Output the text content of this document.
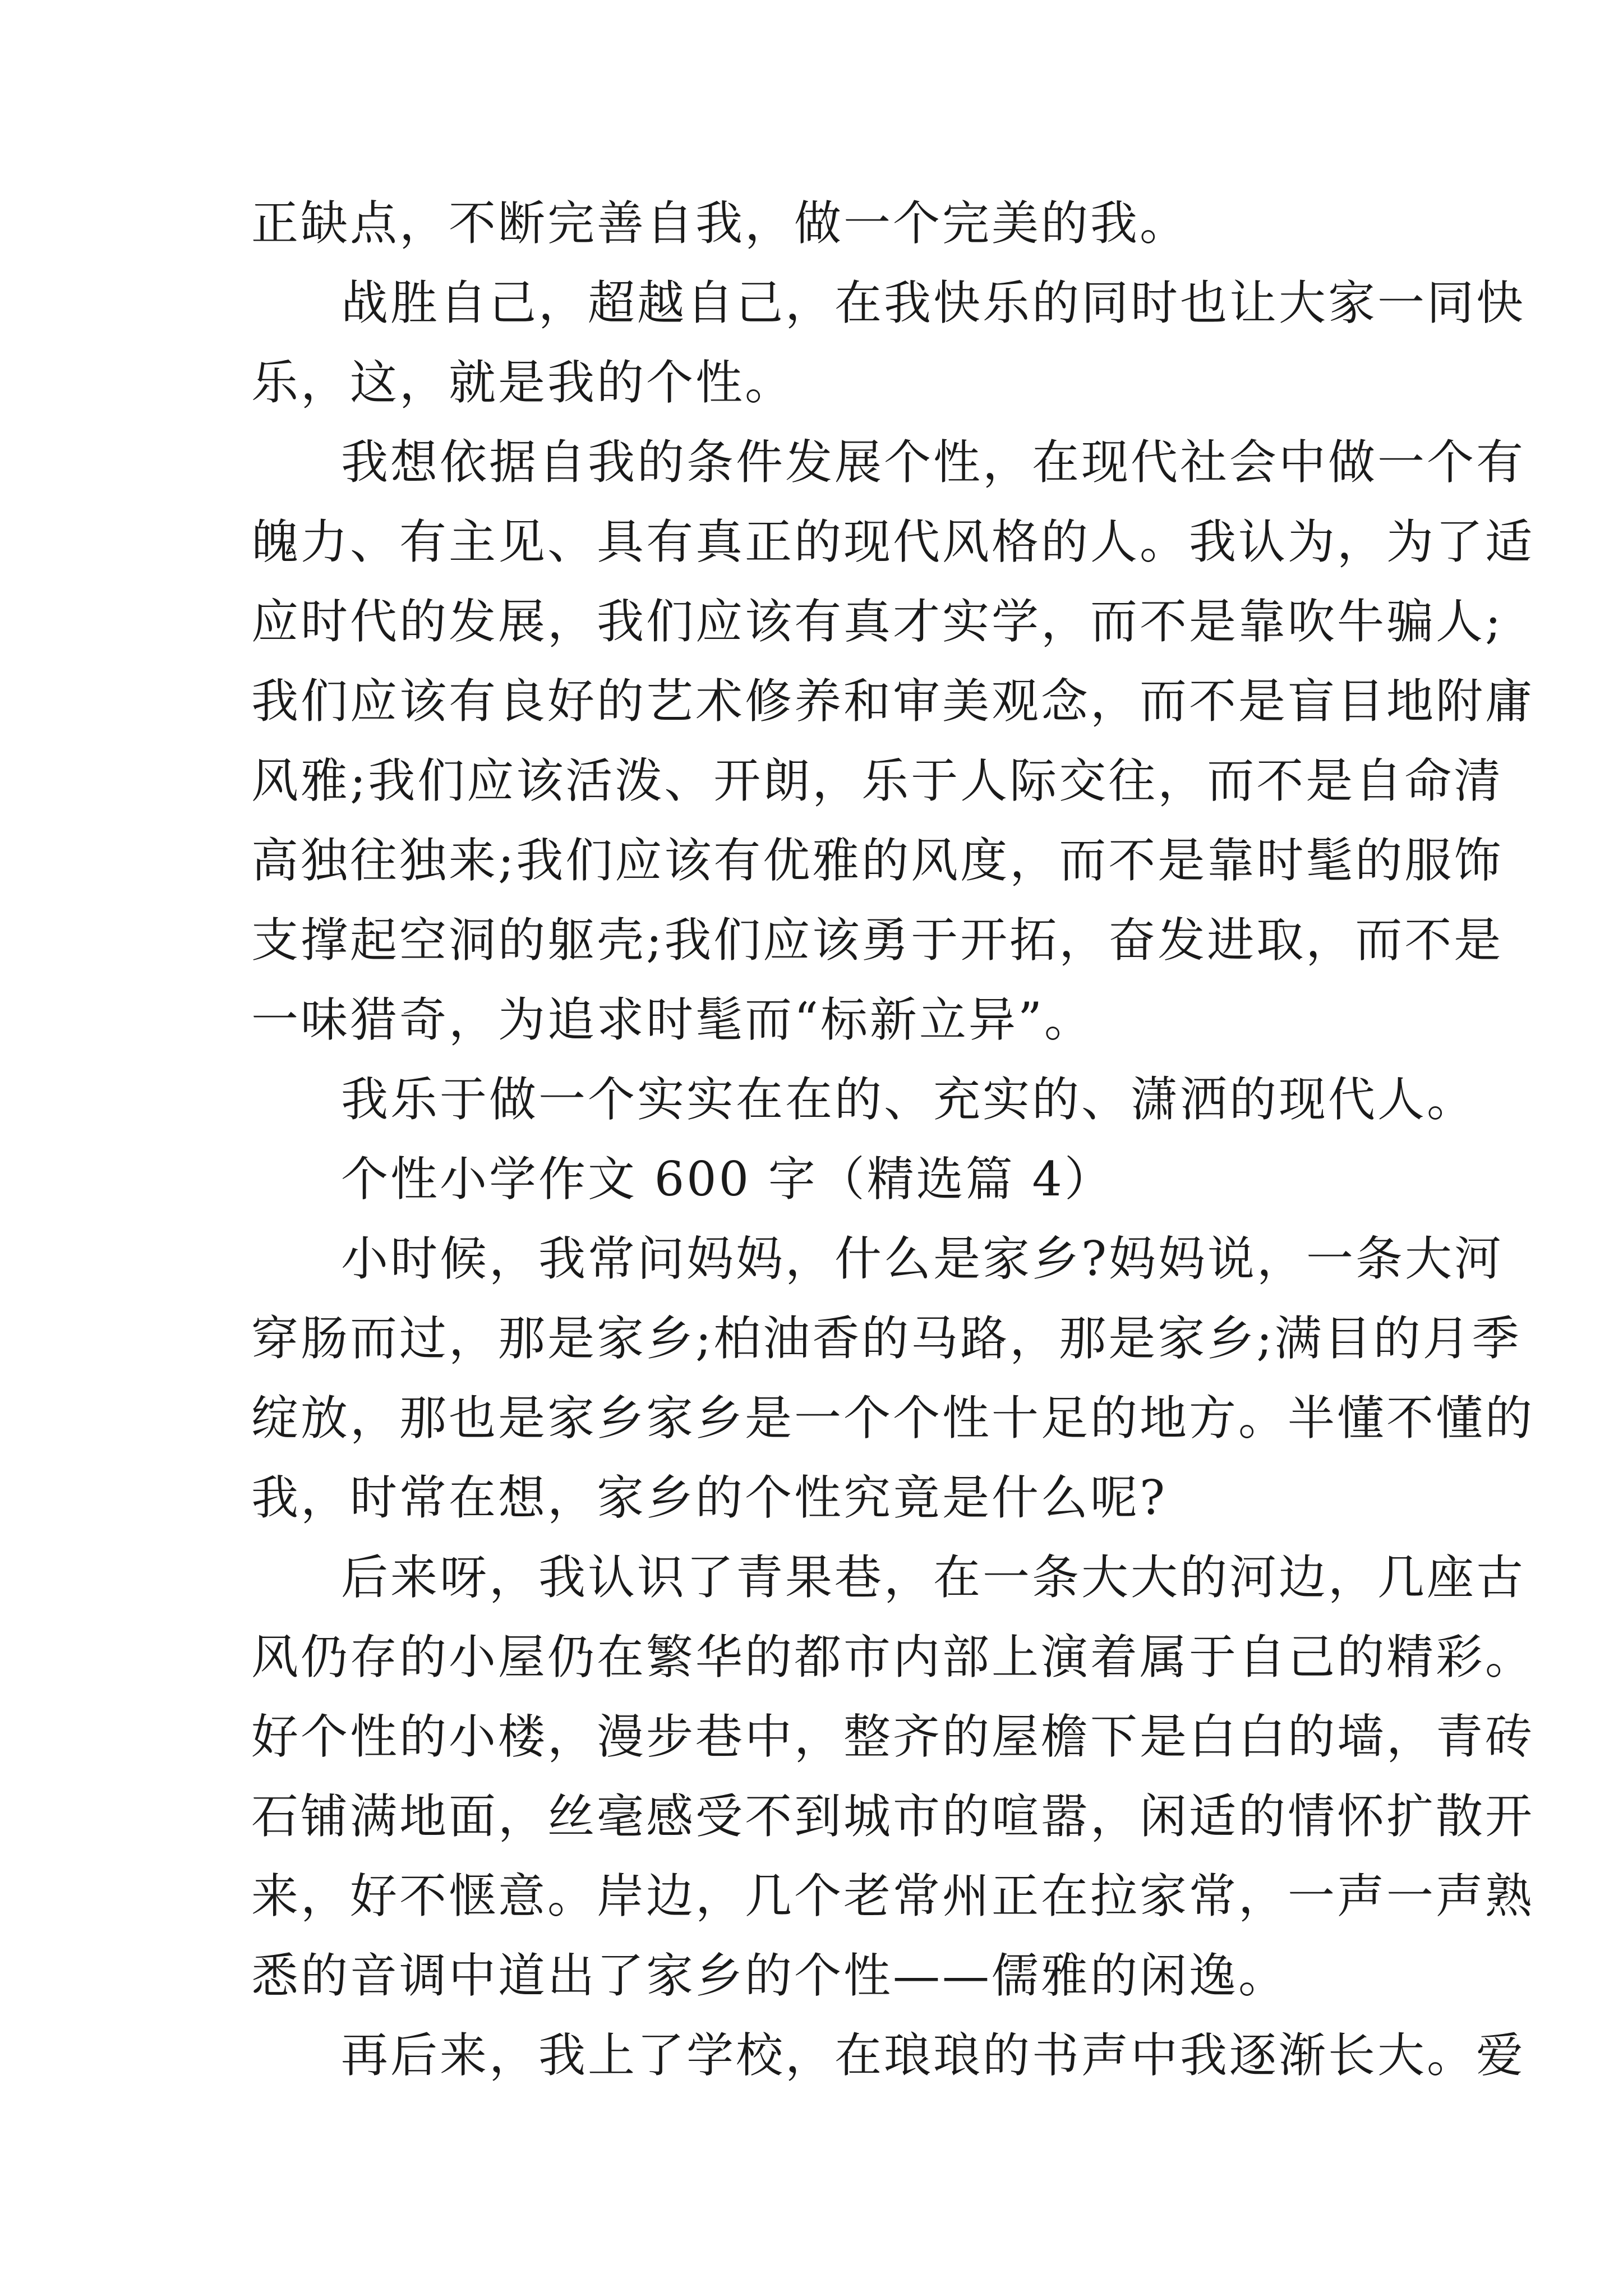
正缺点，不断完善自我，做一个完美的我。

战胜自己，超越自己，在我快乐的同时也让大家一同快

乐，这，就是我的个性。

我想依据自我的条件发展个性，在现代社会中做一个有

魄力、有主见、具有真正的现代风格的人。我认为，为了适

应时代的发展，我们应该有真才实学，而不是靠吹牛骗人;

我们应该有良好的艺术修养和审美观念，而不是盲目地附庸

风雅;我们应该活泼、开朗，乐于人际交往，而不是自命清

高独往独来;我们应该有优雅的风度，而不是靠时髦的服饰

支撑起空洞的躯壳;我们应该勇于开拓，奋发进取，而不是

一味猎奇，为追求时髦而“标新立异”。

我乐于做一个实实在在的、充实的、潇洒的现代人。

个性小学作文 600 字（精选篇 4）

小时候，我常问妈妈，什么是家乡?妈妈说，一条大河

穿肠而过，那是家乡;柏油香的马路，那是家乡;满目的月季

绽放，那也是家乡家乡是一个个性十足的地方。半懂不懂的

我，时常在想，家乡的个性究竟是什么呢?

后来呀，我认识了青果巷，在一条大大的河边，几座古

风仍存的小屋仍在繁华的都市内部上演着属于自己的精彩。

好个性的小楼，漫步巷中，整齐的屋檐下是白白的墙，青砖

石铺满地面，丝毫感受不到城市的喧嚣，闲适的情怀扩散开

来，好不惬意。岸边，几个老常州正在拉家常，一声一声熟

悉的音调中道出了家乡的个性——儒雅的闲逸。

再后来，我上了学校，在琅琅的书声中我逐渐长大。爱
